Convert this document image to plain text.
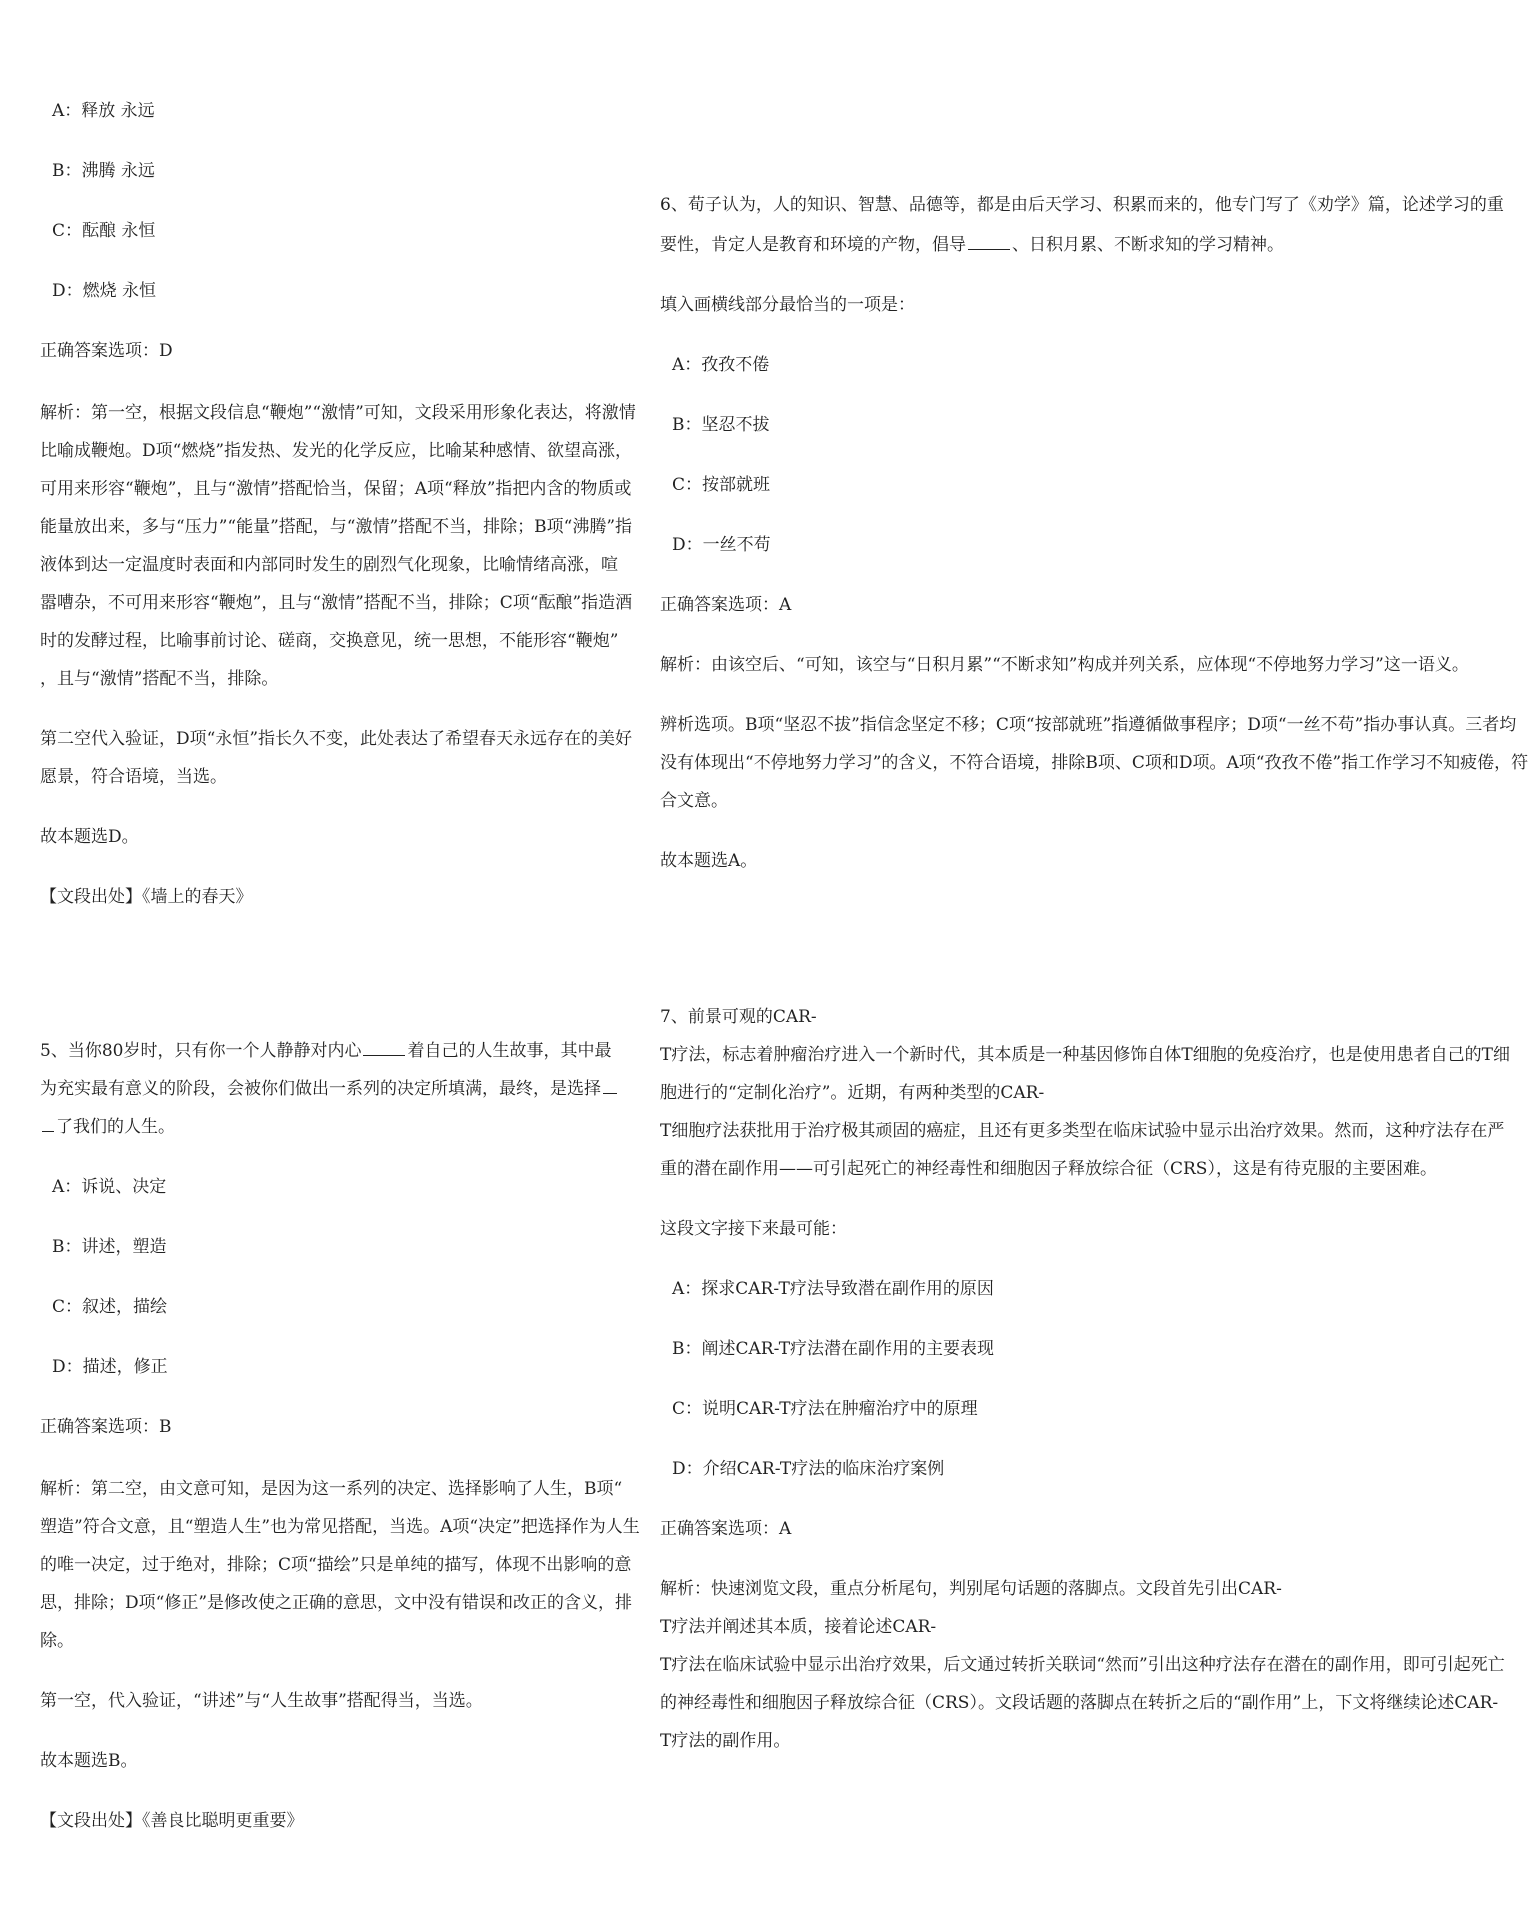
A：释放 永远

B：沸腾 永远

C：酝酿 永恒

D：燃烧 永恒

正确答案选项：D

解析：第一空，根据文段信息“鞭炮”“激情”可知，文段采用形象化表达，将激情

比喻成鞭炮。D项“燃烧”指发热、发光的化学反应，比喻某种感情、欲望高涨，

可用来形容“鞭炮”，且与“激情”搭配恰当，保留；A项“释放”指把内含的物质或

能量放出来，多与“压力”“能量”搭配，与“激情”搭配不当，排除；B项“沸腾”指

液体到达一定温度时表面和内部同时发生的剧烈气化现象，比喻情绪高涨，喧

嚣嘈杂，不可用来形容“鞭炮”，且与“激情”搭配不当，排除；C项“酝酿”指造酒

时的发酵过程，比喻事前讨论、磋商，交换意见，统一思想，不能形容“鞭炮”

，且与“激情”搭配不当，排除。

第二空代入验证，D项“永恒”指长久不变，此处表达了希望春天永远存在的美好

愿景，符合语境，当选。

故本题选D。

【文段出处】《墙上的春天》

5、当你80岁时，只有你一个人静静对内心	着自己的人生故事，其中最

为充实最有意义的阶段，会被你们做出一系列的决定所填满，最终，是选择

了我们的人生。

A：诉说、决定

B：讲述，塑造

C：叙述，描绘

D：描述，修正

正确答案选项：B

解析：第二空，由文意可知，是因为这一系列的决定、选择影响了人生，B项“

塑造”符合文意，且“塑造人生”也为常见搭配，当选。A项“决定”把选择作为人生

的唯一决定，过于绝对，排除；C项“描绘”只是单纯的描写，体现不出影响的意

思，排除；D项“修正”是修改使之正确的意思，文中没有错误和改正的含义，排

除。

第一空，代入验证，“讲述”与“人生故事”搭配得当，当选。

故本题选B。

【文段出处】《善良比聪明更重要》

6、荀子认为，人的知识、智慧、品德等，都是由后天学习、积累而来的，他专门写了《劝学》篇，论述学习的重

要性，肯定人是教育和环境的产物，倡导	、日积月累、不断求知的学习精神。

填入画横线部分最恰当的一项是：

A：孜孜不倦

B：坚忍不拔

C：按部就班

D：一丝不苟

正确答案选项：A

解析：由该空后、“可知，该空与“日积月累”“不断求知”构成并列关系，应体现“不停地努力学习”这一语义。

辨析选项。B项“坚忍不拔”指信念坚定不移；C项“按部就班”指遵循做事程序；D项“一丝不苟”指办事认真。三者均

没有体现出“不停地努力学习”的含义，不符合语境，排除B项、C项和D项。A项“孜孜不倦”指工作学习不知疲倦，符

合文意。

故本题选A。

7、前景可观的CAR-

T疗法，标志着肿瘤治疗进入一个新时代，其本质是一种基因修饰自体T细胞的免疫治疗，也是使用患者自己的T细

胞进行的“定制化治疗”。近期，有两种类型的CAR-

T细胞疗法获批用于治疗极其顽固的癌症，且还有更多类型在临床试验中显示出治疗效果。然而，这种疗法存在严

重的潜在副作用——可引起死亡的神经毒性和细胞因子释放综合征（CRS），这是有待克服的主要困难。

这段文字接下来最可能：

A：探求CAR-T疗法导致潜在副作用的原因

B：阐述CAR-T疗法潜在副作用的主要表现

C：说明CAR-T疗法在肿瘤治疗中的原理

D：介绍CAR-T疗法的临床治疗案例

正确答案选项：A

解析：快速浏览文段，重点分析尾句，判别尾句话题的落脚点。文段首先引出CAR-

T疗法并阐述其本质，接着论述CAR-

T疗法在临床试验中显示出治疗效果，后文通过转折关联词“然而”引出这种疗法存在潜在的副作用，即可引起死亡

的神经毒性和细胞因子释放综合征（CRS）。文段话题的落脚点在转折之后的“副作用”上，下文将继续论述CAR-

T疗法的副作用。
